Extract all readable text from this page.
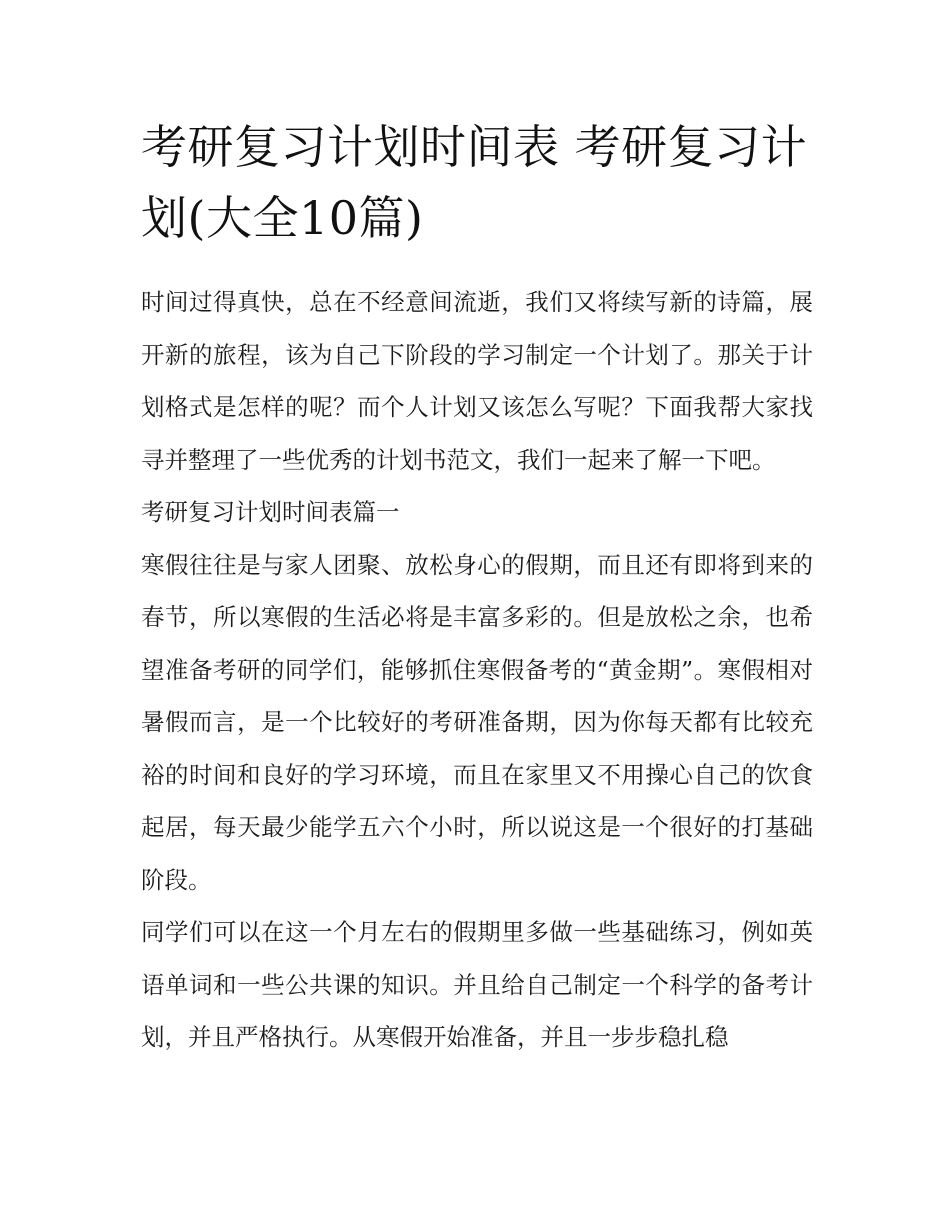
考研复习计划时间表 考研复习计划(大全10篇)

时间过得真快，总在不经意间流逝，我们又将续写新的诗篇，展开新的旅程，该为自己下阶段的学习制定一个计划了。那关于计划格式是怎样的呢？而个人计划又该怎么写呢？下面我帮大家找寻并整理了一些优秀的计划书范文，我们一起来了解一下吧。

考研复习计划时间表篇一

寒假往往是与家人团聚、放松身心的假期，而且还有即将到来的春节，所以寒假的生活必将是丰富多彩的。但是放松之余，也希望准备考研的同学们，能够抓住寒假备考的“黄金期”。寒假相对暑假而言，是一个比较好的考研准备期，因为你每天都有比较充裕的时间和良好的学习环境，而且在家里又不用操心自己的饮食起居，每天最少能学五六个小时，所以说这是一个很好的打基础阶段。

同学们可以在这一个月左右的假期里多做一些基础练习，例如英语单词和一些公共课的知识。并且给自己制定一个科学的备考计划，并且严格执行。从寒假开始准备，并且一步步稳扎稳
